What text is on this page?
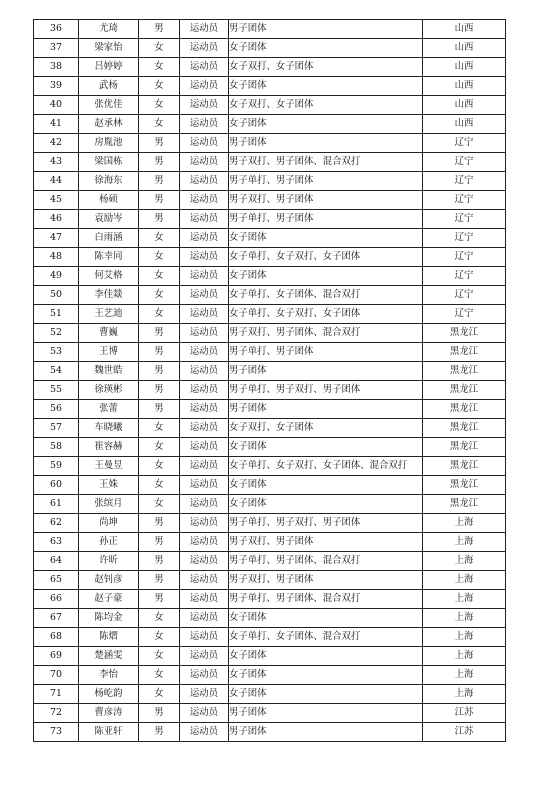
36	尤琦	男	运动员	男子团体	山西
37	梁家怡	女	运动员	女子团体	山西
38	吕婷婷	女	运动员	女子双打、女子团体	山西
39	武杨	女	运动员	女子团体	山西
40	张优佳	女	运动员	女子双打、女子团体	山西
41	赵承林	女	运动员	女子团体	山西
42	房胤池	男	运动员	男子团体	辽宁
43	梁国栋	男	运动员	男子双打、男子团体、混合双打	辽宁
44	徐海东	男	运动员	男子单打、男子团体	辽宁
45	杨硕	男	运动员	男子双打、男子团体	辽宁
46	袁励岑	男	运动员	男子单打、男子团体	辽宁
47	白雨涵	女	运动员	女子团体	辽宁
48	陈幸同	女	运动员	女子单打、女子双打、女子团体	辽宁
49	何艾格	女	运动员	女子团体	辽宁
50	李佳燚	女	运动员	女子单打、女子团体、混合双打	辽宁
51	王艺迪	女	运动员	女子单打、女子双打、女子团体	辽宁
52	曹巍	男	运动员	男子双打、男子团体、混合双打	黑龙江
53	王博	男	运动员	男子单打、男子团体	黑龙江
54	魏世皓	男	运动员	男子团体	黑龙江
55	徐瑛彬	男	运动员	男子单打、男子双打、男子团体	黑龙江
56	张蕾	男	运动员	男子团体	黑龙江
57	车晓曦	女	运动员	女子双打、女子团体	黑龙江
58	崔容赫	女	运动员	女子团体	黑龙江
59	王曼昱	女	运动员	女子单打、女子双打、女子团体、混合双打	黑龙江
60	王姝	女	运动员	女子团体	黑龙江
61	张缤月	女	运动员	女子团体	黑龙江
62	尚坤	男	运动员	男子单打、男子双打、男子团体	上海
63	孙正	男	运动员	男子双打、男子团体	上海
64	许昕	男	运动员	男子单打、男子团体、混合双打	上海
65	赵钊彦	男	运动员	男子双打、男子团体	上海
66	赵子豪	男	运动员	男子单打、男子团体、混合双打	上海
67	陈均金	女	运动员	女子团体	上海
68	陈熠	女	运动员	女子单打、女子团体、混合双打	上海
69	楚涵雯	女	运动员	女子团体	上海
70	李怡	女	运动员	女子团体	上海
71	杨屹韵	女	运动员	女子团体	上海
72	曹彦涛	男	运动员	男子团体	江苏
73	陈亚轩	男	运动员	男子团体	江苏
